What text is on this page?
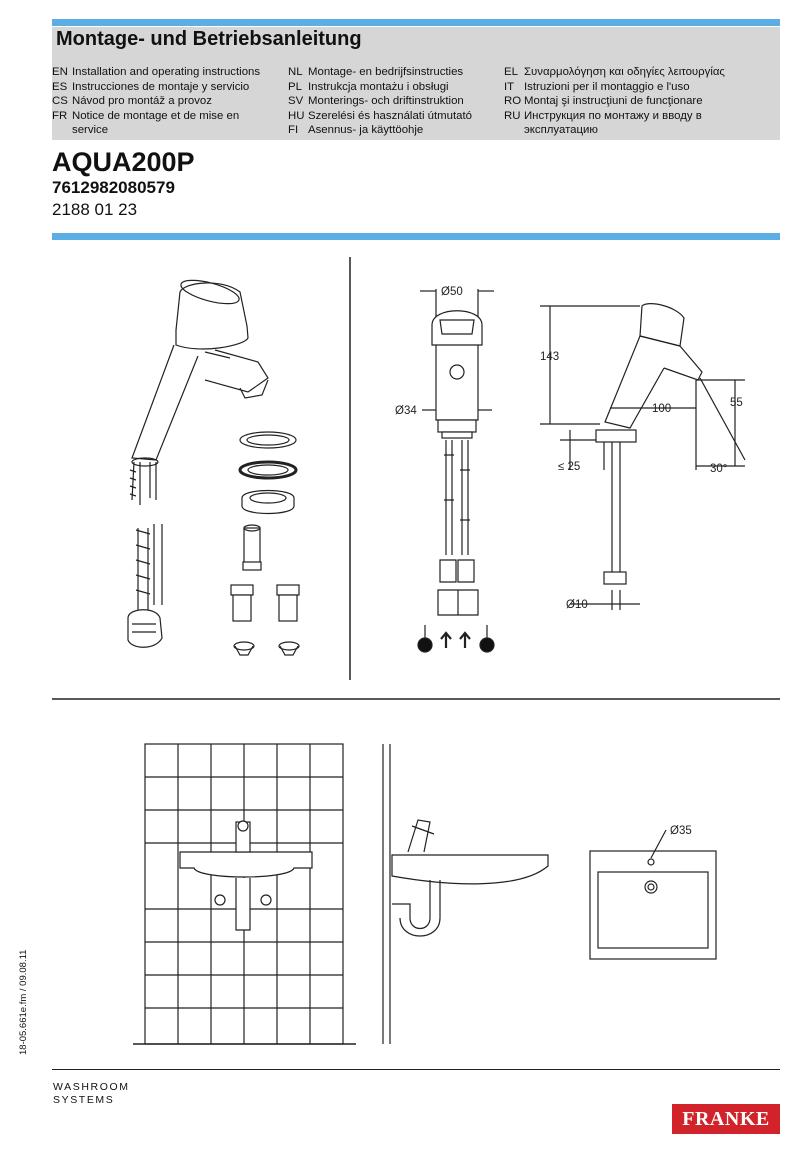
Montage- und Betriebsanleitung
EN Installation and operating instructions
ES Instrucciones de montaje y servicio
CS Návod pro montáž a provoz
FR Notice de montage et de mise en service
NL Montage- en bedrijfsinstructies
PL Instrukcja montażu i obsługi
SV Monterings- och driftinstruktion
HU Szerelési és használati útmutató
FI Asennus- ja käyttöohje
EL Συναρμολόγηση και οδηγίες λειτουργίας
IT Istruzioni per il montaggio e l'uso
RO Montaj şi instrucţiuni de funcţionare
RU Инструкция по монтажу и вводу в эксплуатацию
AQUA200P
7612982080579
2188 01 23
Ø50
Ø34
143
100	55
≤ 25	30°
Ø10
Ø35
18-05.661e.fm / 09.08.11
WASHROOM
SYSTEMS
FRANKE
